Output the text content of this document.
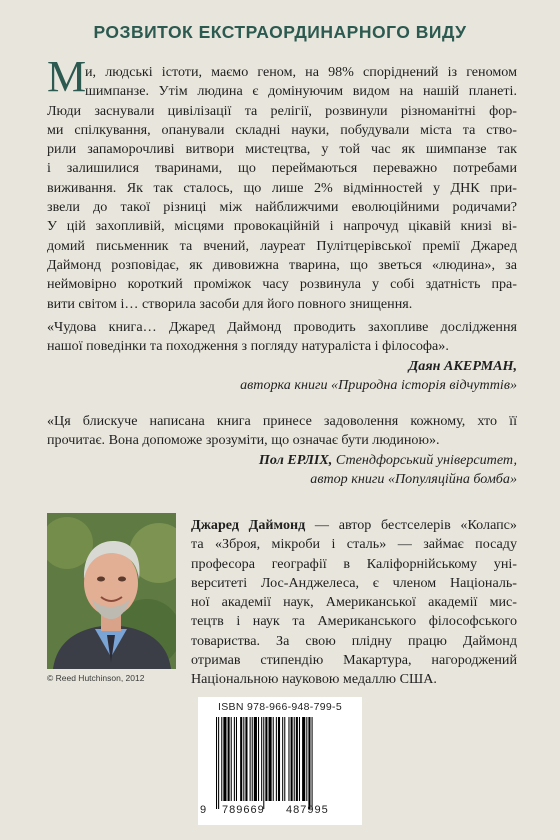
РОЗВИТОК ЕКСТРАОРДИНАРНОГО ВИДУ
М
и, людські істоти, маємо геном, на 98% споріднений із геномом
шимпанзе. Утім людина є домінуючим видом на нашій планеті.
Люди заснували цивілізації та релігії, розвинули різноманітні фор-
ми спілкування, опанували складні науки, побудували міста та ство-
рили запаморочливі витвори мистецтва, у той час як шимпанзе так
і залишилися тваринами, що переймаються переважно потребами
виживання. Як так сталось, що лише 2% відмінностей у ДНК при-
звели до такої різниці між найближчими еволюційними родичами?
У цій захопливій, місцями провокаційній і напрочуд цікавій книзі ві-
домий письменник та вчений, лауреат Пулітцерівської премії Джаред
Даймонд розповідає, як дивовижна тварина, що зветься «людина», за
неймовірно короткий проміжок часу розвинула у собі здатність пра-
вити світом і… створила засоби для його повного знищення.
«Чудова книга… Джаред Даймонд проводить захопливе дослідження
нашої поведінки та походження з погляду натураліста і філософа».
Даян АКЕРМАН,
авторка книги «Природна історія відчуттів»
«Ця блискуче написана книга принесе задоволення кожному, хто її
прочитає. Вона допоможе зрозуміти, що означає бути людиною».
Пол ЕРЛІХ, Стендфорський університет,
автор книги «Популяційна бомба»
© Reed Hutchinson, 2012
Джаред Даймонд — автор бестселерів «Колапс»
та «Зброя, мікроби і сталь» — займає посаду
професора географії в Каліфорнійському уні-
верситеті Лос-Анджелеса, є членом Національ-
ної академії наук, Американської академії мис-
тецтв і наук та Американського філософського
товариства. За свою плідну працю Даймонд
отримав стипендію Макартура, нагороджений
Національною науковою медаллю США.
ISBN 978-966-948-799-5
9 789669 487995
